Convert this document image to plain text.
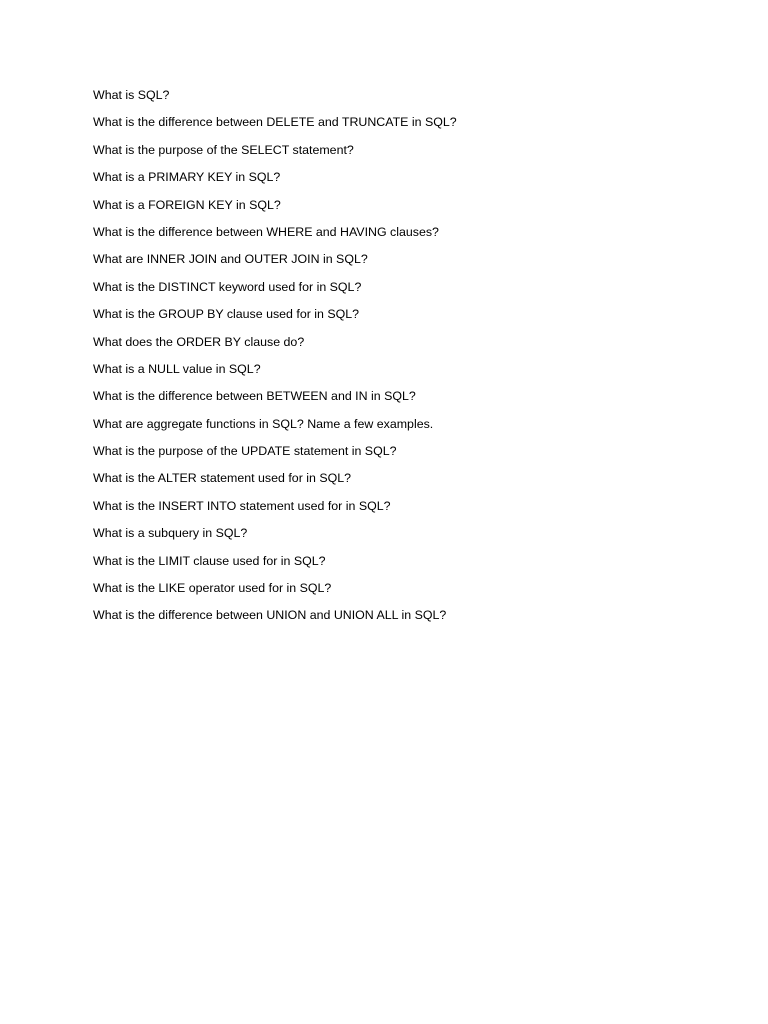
What is SQL?
What is the difference between DELETE and TRUNCATE in SQL?
What is the purpose of the SELECT statement?
What is a PRIMARY KEY in SQL?
What is a FOREIGN KEY in SQL?
What is the difference between WHERE and HAVING clauses?
What are INNER JOIN and OUTER JOIN in SQL?
What is the DISTINCT keyword used for in SQL?
What is the GROUP BY clause used for in SQL?
What does the ORDER BY clause do?
What is a NULL value in SQL?
What is the difference between BETWEEN and IN in SQL?
What are aggregate functions in SQL? Name a few examples.
What is the purpose of the UPDATE statement in SQL?
What is the ALTER statement used for in SQL?
What is the INSERT INTO statement used for in SQL?
What is a subquery in SQL?
What is the LIMIT clause used for in SQL?
What is the LIKE operator used for in SQL?
What is the difference between UNION and UNION ALL in SQL?
